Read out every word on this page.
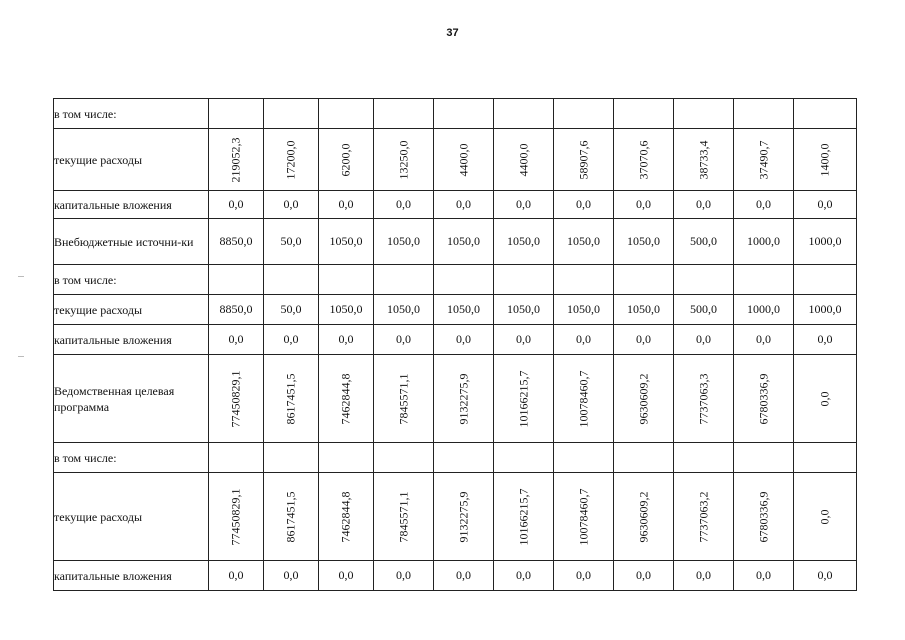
37
в том числе:											
текущие расходы	219052,3	17200,0	6200,0	13250,0	4400,0	4400,0	58907,6	37070,6	38733,4	37490,7	1400,0

капитальные вложения	0,0	0,0	0,0	0,0	0,0	0,0	0,0	0,0	0,0	0,0	0,0
Внебюджетные источни-ки	8850,0	50,0	1050,0	1050,0	1050,0	1050,0	1050,0	1050,0	500,0	1000,0	1000,0
в том числе:											
текущие расходы	8850,0	50,0	1050,0	1050,0	1050,0	1050,0	1050,0	1050,0	500,0	1000,0	1000,0
капитальные вложения	0,0	0,0	0,0	0,0	0,0	0,0	0,0	0,0	0,0	0,0	0,0
Ведомственная целевая программа	77450829,1	8617451,5	7462844,8	7845571,1	9132275,9	10166215,7	10078460,7	9630609,2	7737063,3	6780336,9	0,0

в том числе:											
текущие расходы	77450829,1	8617451,5	7462844,8	7845571,1	9132275,9	10166215,7	10078460,7	9630609,2	7737063,2	6780336,9	0,0

капитальные вложения	0,0	0,0	0,0	0,0	0,0	0,0	0,0	0,0	0,0	0,0	0,0
